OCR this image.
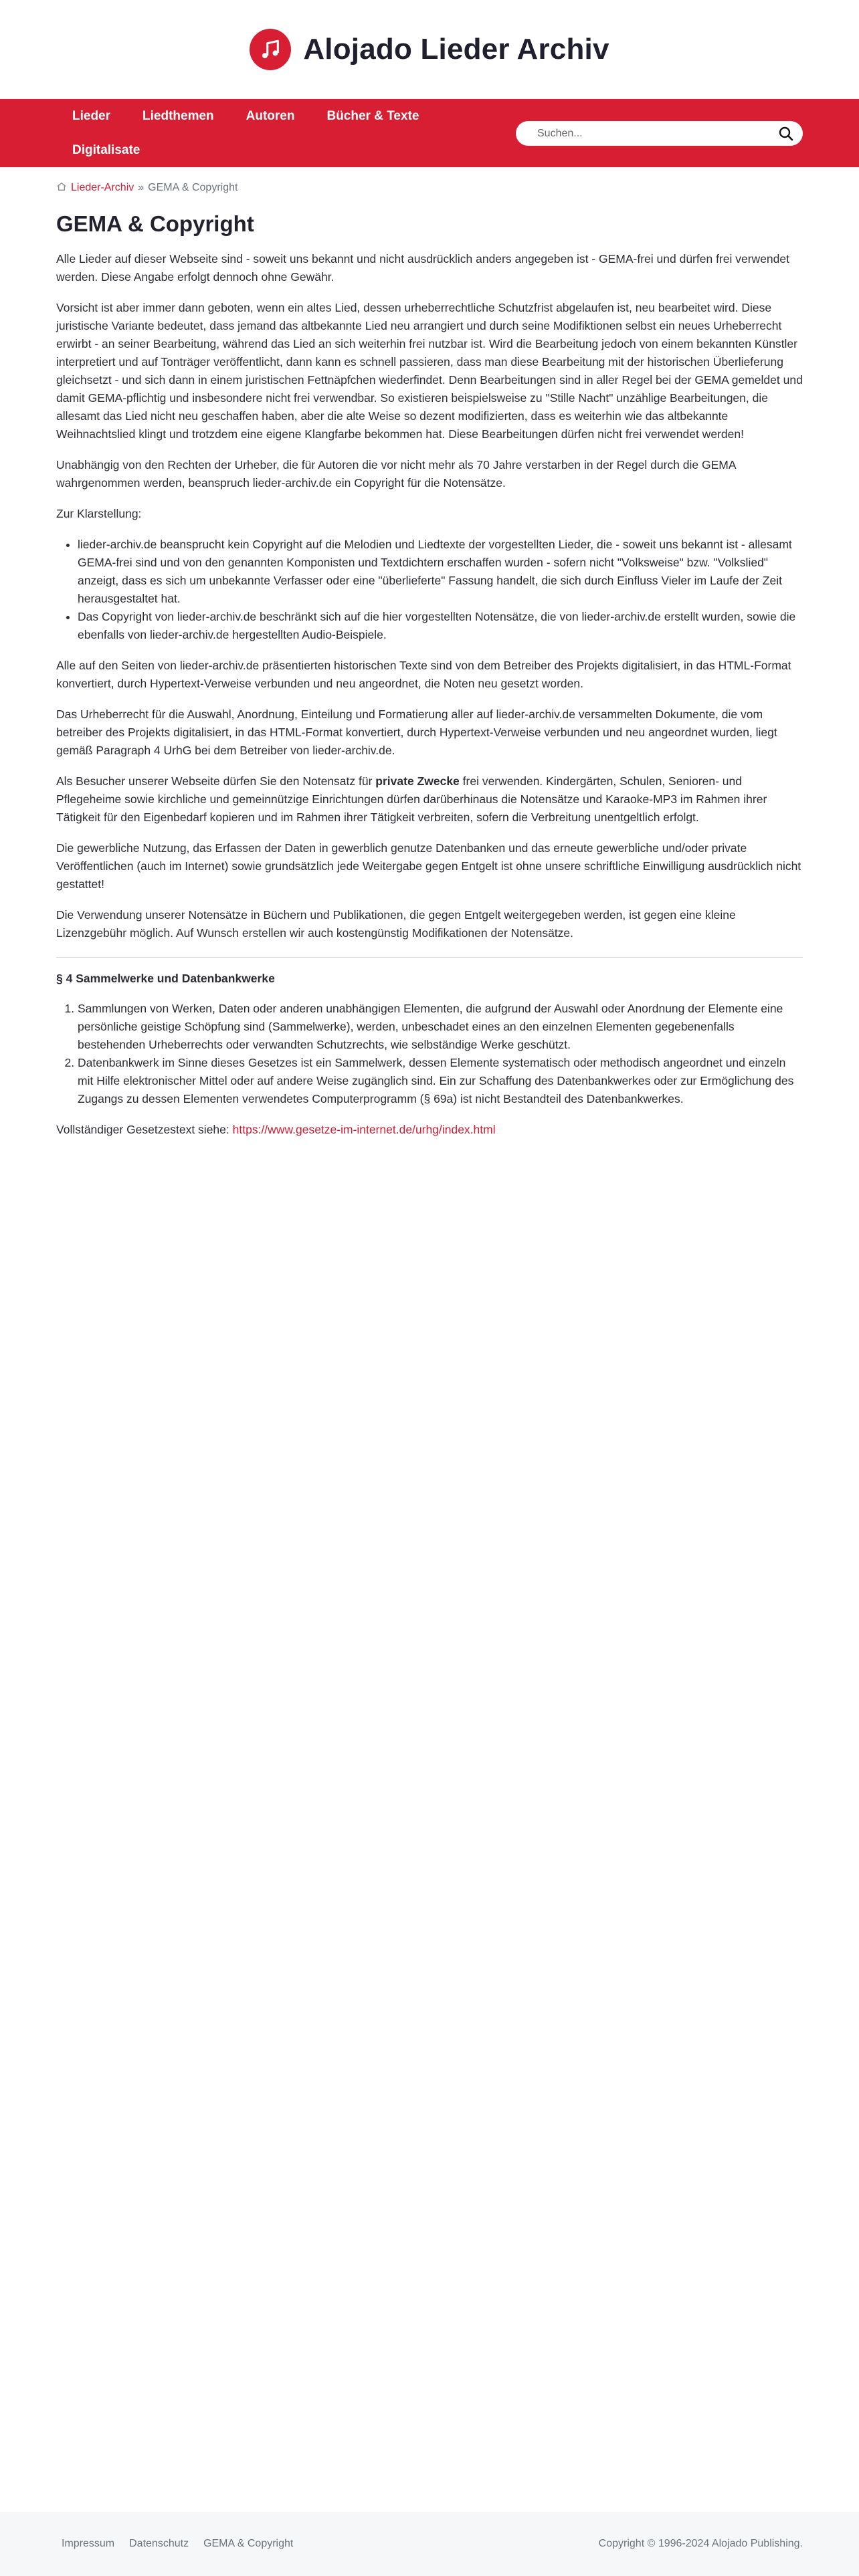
Alojado Lieder Archiv
Lieder	Liedthemen	Autoren	Bücher & Texte
Digitalisate
Suchen...
Lieder-Archiv » GEMA & Copyright
GEMA & Copyright

Alle Lieder auf dieser Webseite sind - soweit uns bekannt und nicht ausdrücklich anders angegeben ist - GEMA-frei und dürfen frei verwendet werden. Diese Angabe erfolgt dennoch ohne Gewähr.

Vorsicht ist aber immer dann geboten, wenn ein altes Lied, dessen urheberrechtliche Schutzfrist abgelaufen ist, neu bearbeitet wird. Diese juristische Variante bedeutet, dass jemand das altbekannte Lied neu arrangiert und durch seine Modifiktionen selbst ein neues Urheberrecht erwirbt - an seiner Bearbeitung, während das Lied an sich weiterhin frei nutzbar ist. Wird die Bearbeitung jedoch von einem bekannten Künstler interpretiert und auf Tonträger veröffentlicht, dann kann es schnell passieren, dass man diese Bearbeitung mit der historischen Überlieferung gleichsetzt - und sich dann in einem juristischen Fettnäpfchen wiederfindet. Denn Bearbeitungen sind in aller Regel bei der GEMA gemeldet und damit GEMA-pflichtig und insbesondere nicht frei verwendbar. So existieren beispielsweise zu "Stille Nacht" unzählige Bearbeitungen, die allesamt das Lied nicht neu geschaffen haben, aber die alte Weise so dezent modifizierten, dass es weiterhin wie das altbekannte Weihnachtslied klingt und trotzdem eine eigene Klangfarbe bekommen hat. Diese Bearbeitungen dürfen nicht frei verwendet werden!

Unabhängig von den Rechten der Urheber, die für Autoren die vor nicht mehr als 70 Jahre verstarben in der Regel durch die GEMA wahrgenommen werden, beanspruch lieder-archiv.de ein Copyright für die Notensätze.

Zur Klarstellung:

• lieder-archiv.de beansprucht kein Copyright auf die Melodien und Liedtexte der vorgestellten Lieder, die - soweit uns bekannt ist - allesamt GEMA-frei sind und von den genannten Komponisten und Textdichtern erschaffen wurden - sofern nicht "Volksweise" bzw. "Volkslied" anzeigt, dass es sich um unbekannte Verfasser oder eine "überlieferte" Fassung handelt, die sich durch Einfluss Vieler im Laufe der Zeit herausgestaltet hat.
• Das Copyright von lieder-archiv.de beschränkt sich auf die hier vorgestellten Notensätze, die von lieder-archiv.de erstellt wurden, sowie die ebenfalls von lieder-archiv.de hergestellten Audio-Beispiele.

Alle auf den Seiten von lieder-archiv.de präsentierten historischen Texte sind von dem Betreiber des Projekts digitalisiert, in das HTML-Format konvertiert, durch Hypertext-Verweise verbunden und neu angeordnet, die Noten neu gesetzt worden.

Das Urheberrecht für die Auswahl, Anordnung, Einteilung und Formatierung aller auf lieder-archiv.de versammelten Dokumente, die vom betreiber des Projekts digitalisiert, in das HTML-Format konvertiert, durch Hypertext-Verweise verbunden und neu angeordnet wurden, liegt gemäß Paragraph 4 UrhG bei dem Betreiber von lieder-archiv.de.

Als Besucher unserer Webseite dürfen Sie den Notensatz für private Zwecke frei verwenden. Kindergärten, Schulen, Senioren- und Pflegeheime sowie kirchliche und gemeinnützige Einrichtungen dürfen darüberhinaus die Notensätze und Karaoke-MP3 im Rahmen ihrer Tätigkeit für den Eigenbedarf kopieren und im Rahmen ihrer Tätigkeit verbreiten, sofern die Verbreitung unentgeltlich erfolgt.

Die gewerbliche Nutzung, das Erfassen der Daten in gewerblich genutze Datenbanken und das erneute gewerbliche und/oder private Veröffentlichen (auch im Internet) sowie grundsätzlich jede Weitergabe gegen Entgelt ist ohne unsere schriftliche Einwilligung ausdrücklich nicht gestattet!

Die Verwendung unserer Notensätze in Büchern und Publikationen, die gegen Entgelt weitergegeben werden, ist gegen eine kleine Lizenzgebühr möglich. Auf Wunsch erstellen wir auch kostengünstig Modifikationen der Notensätze.

§ 4 Sammelwerke und Datenbankwerke
1. Sammlungen von Werken, Daten oder anderen unabhängigen Elementen, die aufgrund der Auswahl oder Anordnung der Elemente eine persönliche geistige Schöpfung sind (Sammelwerke), werden, unbeschadet eines an den einzelnen Elementen gegebenenfalls bestehenden Urheberrechts oder verwandten Schutzrechts, wie selbständige Werke geschützt.
2. Datenbankwerk im Sinne dieses Gesetzes ist ein Sammelwerk, dessen Elemente systematisch oder methodisch angeordnet und einzeln mit Hilfe elektronischer Mittel oder auf andere Weise zugänglich sind. Ein zur Schaffung des Datenbankwerkes oder zur Ermöglichung des Zugangs zu dessen Elementen verwendetes Computerprogramm (§ 69a) ist nicht Bestandteil des Datenbankwerkes.

Vollständiger Gesetzestext siehe: https://www.gesetze-im-internet.de/urhg/index.html

Impressum Datenschutz GEMA & Copyright	Copyright © 1996-2024 Alojado Publishing.
